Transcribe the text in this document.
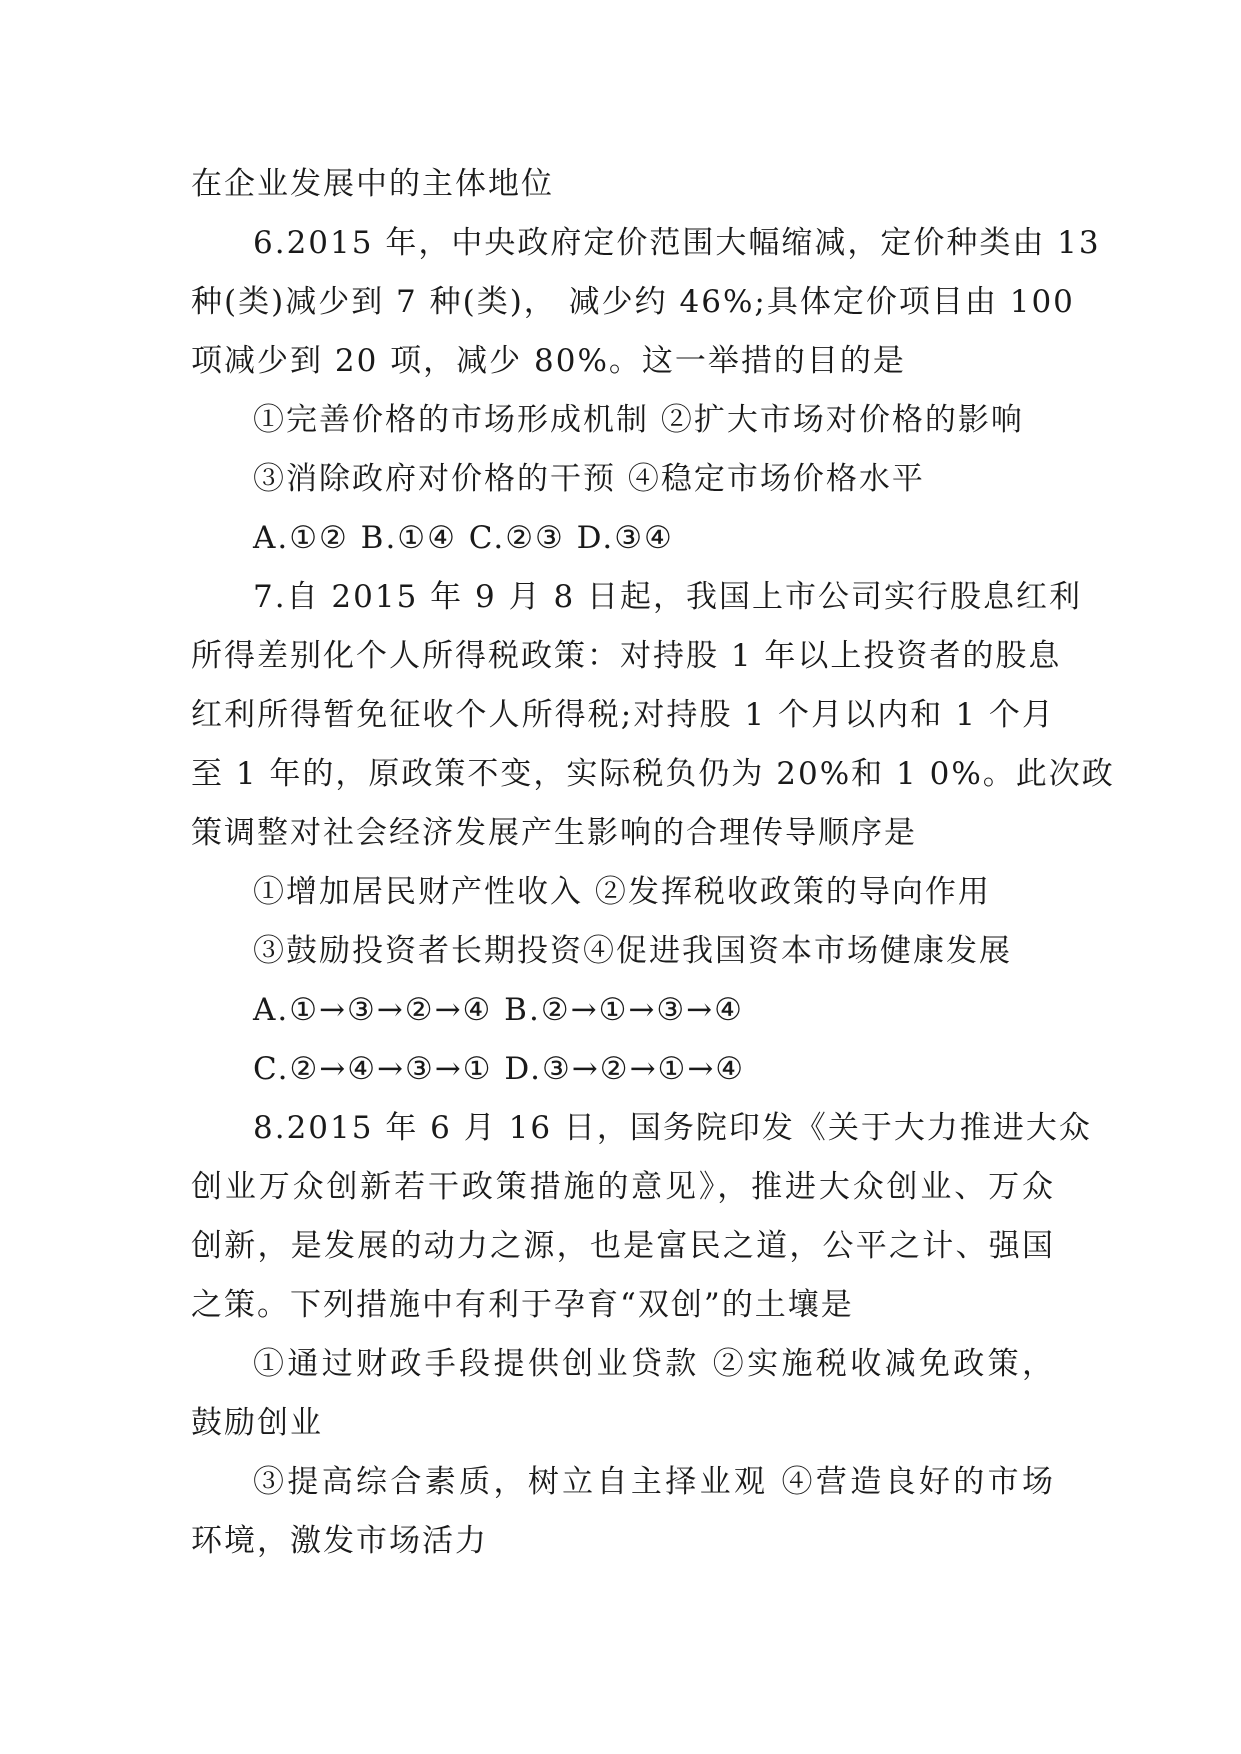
在企业发展中的主体地位
6.2015 年，中央政府定价范围大幅缩减，定价种类由 13
种(类)减少到 7 种(类)， 减少约 46%;具体定价项目由 100
项减少到 20 项，减少 80%。这一举措的目的是
①完善价格的市场形成机制 ②扩大市场对价格的影响
③消除政府对价格的干预 ④稳定市场价格水平
A.①② B.①④ C.②③ D.③④
7.自 2015 年 9 月 8 日起，我国上市公司实行股息红利
所得差别化个人所得税政策：对持股 1 年以上投资者的股息
红利所得暂免征收个人所得税;对持股 1 个月以内和 1 个月
至 1 年的，原政策不变，实际税负仍为 20%和 1 0%。此次政
策调整对社会经济发展产生影响的合理传导顺序是
①增加居民财产性收入 ②发挥税收政策的导向作用
③鼓励投资者长期投资④促进我国资本市场健康发展
A.①→③→②→④ B.②→①→③→④
C.②→④→③→① D.③→②→①→④
8.2015 年 6 月 16 日，国务院印发《关于大力推进大众
创业万众创新若干政策措施的意见》，推进大众创业、万众
创新，是发展的动力之源，也是富民之道，公平之计、强国
之策。下列措施中有利于孕育“双创”的土壤是
①通过财政手段提供创业贷款 ②实施税收减免政策，
鼓励创业
③提高综合素质，树立自主择业观 ④营造良好的市场
环境，激发市场活力
